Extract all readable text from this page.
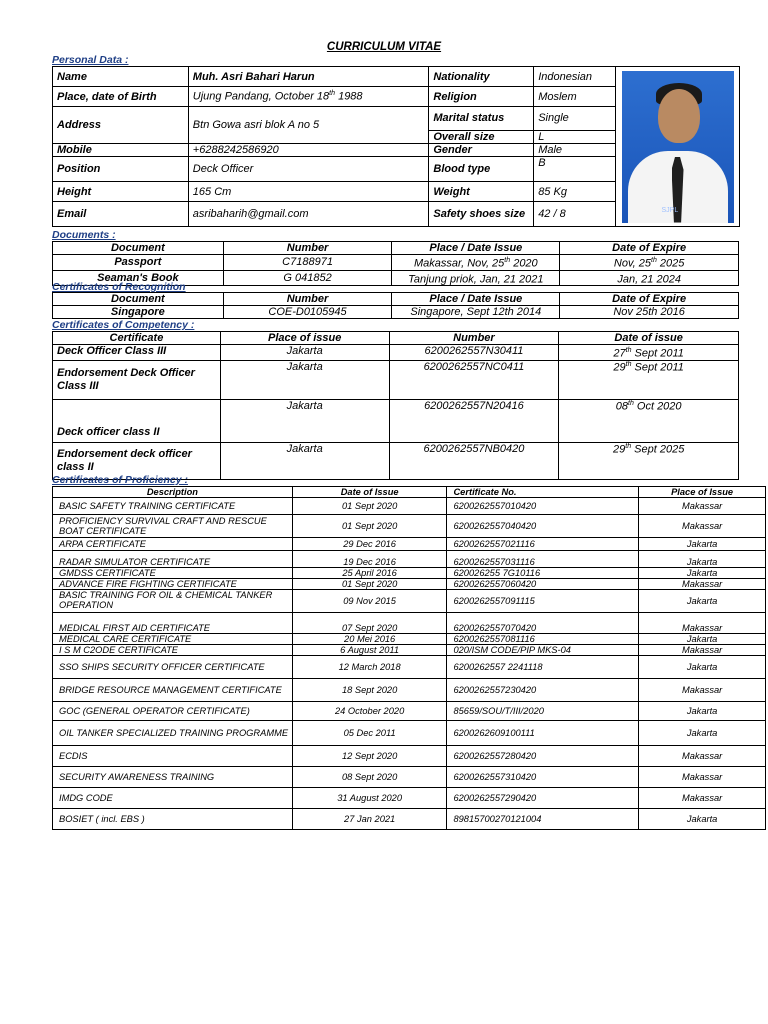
CURRICULUM VITAE
Personal Data :
Name	Muh. Asri Bahari Harun	Nationality	Indonesian	SJPL

Place, date of Birth	Ujung Pandang, October 18th 1988	Religion	Moslem	
Address	Btn Gowa asri blok A no 5	Marital status	Single	
		Overall size	L	
Mobile	+6288242586920	Gender	Male	
Position	Deck Officer	Blood type	B	
Height	165 Cm	Weight	85 Kg	
Email	asribaharih@gmail.com	Safety shoes size	42 / 8	
Documents :
Document	Number	Place / Date Issue	Date of Expire
Passport	C7188971	Makassar, Nov, 25th 2020	Nov, 25th 2025
Seaman's Book	G 041852	Tanjung priok, Jan, 21 2021	Jan, 21 2024
Certificates of Recognition
Document	Number	Place / Date Issue	Date of Expire
Singapore	COE-D0105945	Singapore, Sept 12th 2014	Nov 25th 2016
Certificates of Competency :
Certificate	Place of issue	Number	Date of issue
Deck Officer Class III	Jakarta	6200262557N30411	27th Sept 2011
Endorsement Deck Officer Class III	Jakarta	6200262557NC0411	29th Sept 2011
Deck officer class II	Jakarta	6200262557N20416	08th Oct 2020
Endorsement deck officer class II	Jakarta	6200262557NB0420	29th Sept 2025
Certificates of Proficiency :
Description	Date of Issue	Certificate No.	Place of Issue
BASIC SAFETY TRAINING CERTIFICATE	01 Sept 2020	6200262557010420	Makassar
PROFICIENCY SURVIVAL CRAFT AND RESCUE BOAT CERTIFICATE	01 Sept 2020	6200262557040420	Makassar
ARPA CERTIFICATE	29 Dec 2016	6200262557021116	Jakarta
RADAR SIMULATOR CERTIFICATE	19 Dec 2016	6200262557031116	Jakarta
GMDSS CERTIFICATE	25 April 2016	620026255 7G10116	Jakarta
ADVANCE FIRE FIGHTING CERTIFICATE	01 Sept 2020	6200262557060420	Makassar
BASIC TRAINING FOR OIL & CHEMICAL TANKER OPERATION	09 Nov 2015	6200262557091115	Jakarta
MEDICAL FIRST AID CERTIFICATE	07 Sept 2020	6200262557070420	Makassar
MEDICAL CARE CERTIFICATE	20 Mei 2016	6200262557081116	Jakarta
I S M C2ODE CERTIFICATE	6 August 2011	020/ISM CODE/PIP MKS-04	Makassar
SSO SHIPS SECURITY OFFICER CERTIFICATE	12 March 2018	6200262557 2241118	Jakarta
BRIDGE RESOURCE MANAGEMENT CERTIFICATE	18 Sept 2020	6200262557230420	Makassar
GOC (GENERAL OPERATOR CERTIFICATE)	24 October 2020	85659/SOU/T/III/2020	Jakarta
OIL TANKER SPECIALIZED TRAINING PROGRAMME	05 Dec 2011	6200262609100111	Jakarta
ECDIS	12 Sept 2020	6200262557280420	Makassar
SECURITY AWARENESS TRAINING	08 Sept 2020	6200262557310420	Makassar
IMDG CODE	31 August 2020	6200262557290420	Makassar
BOSIET ( incl. EBS )	27 Jan 2021	89815700270121004	Jakarta
